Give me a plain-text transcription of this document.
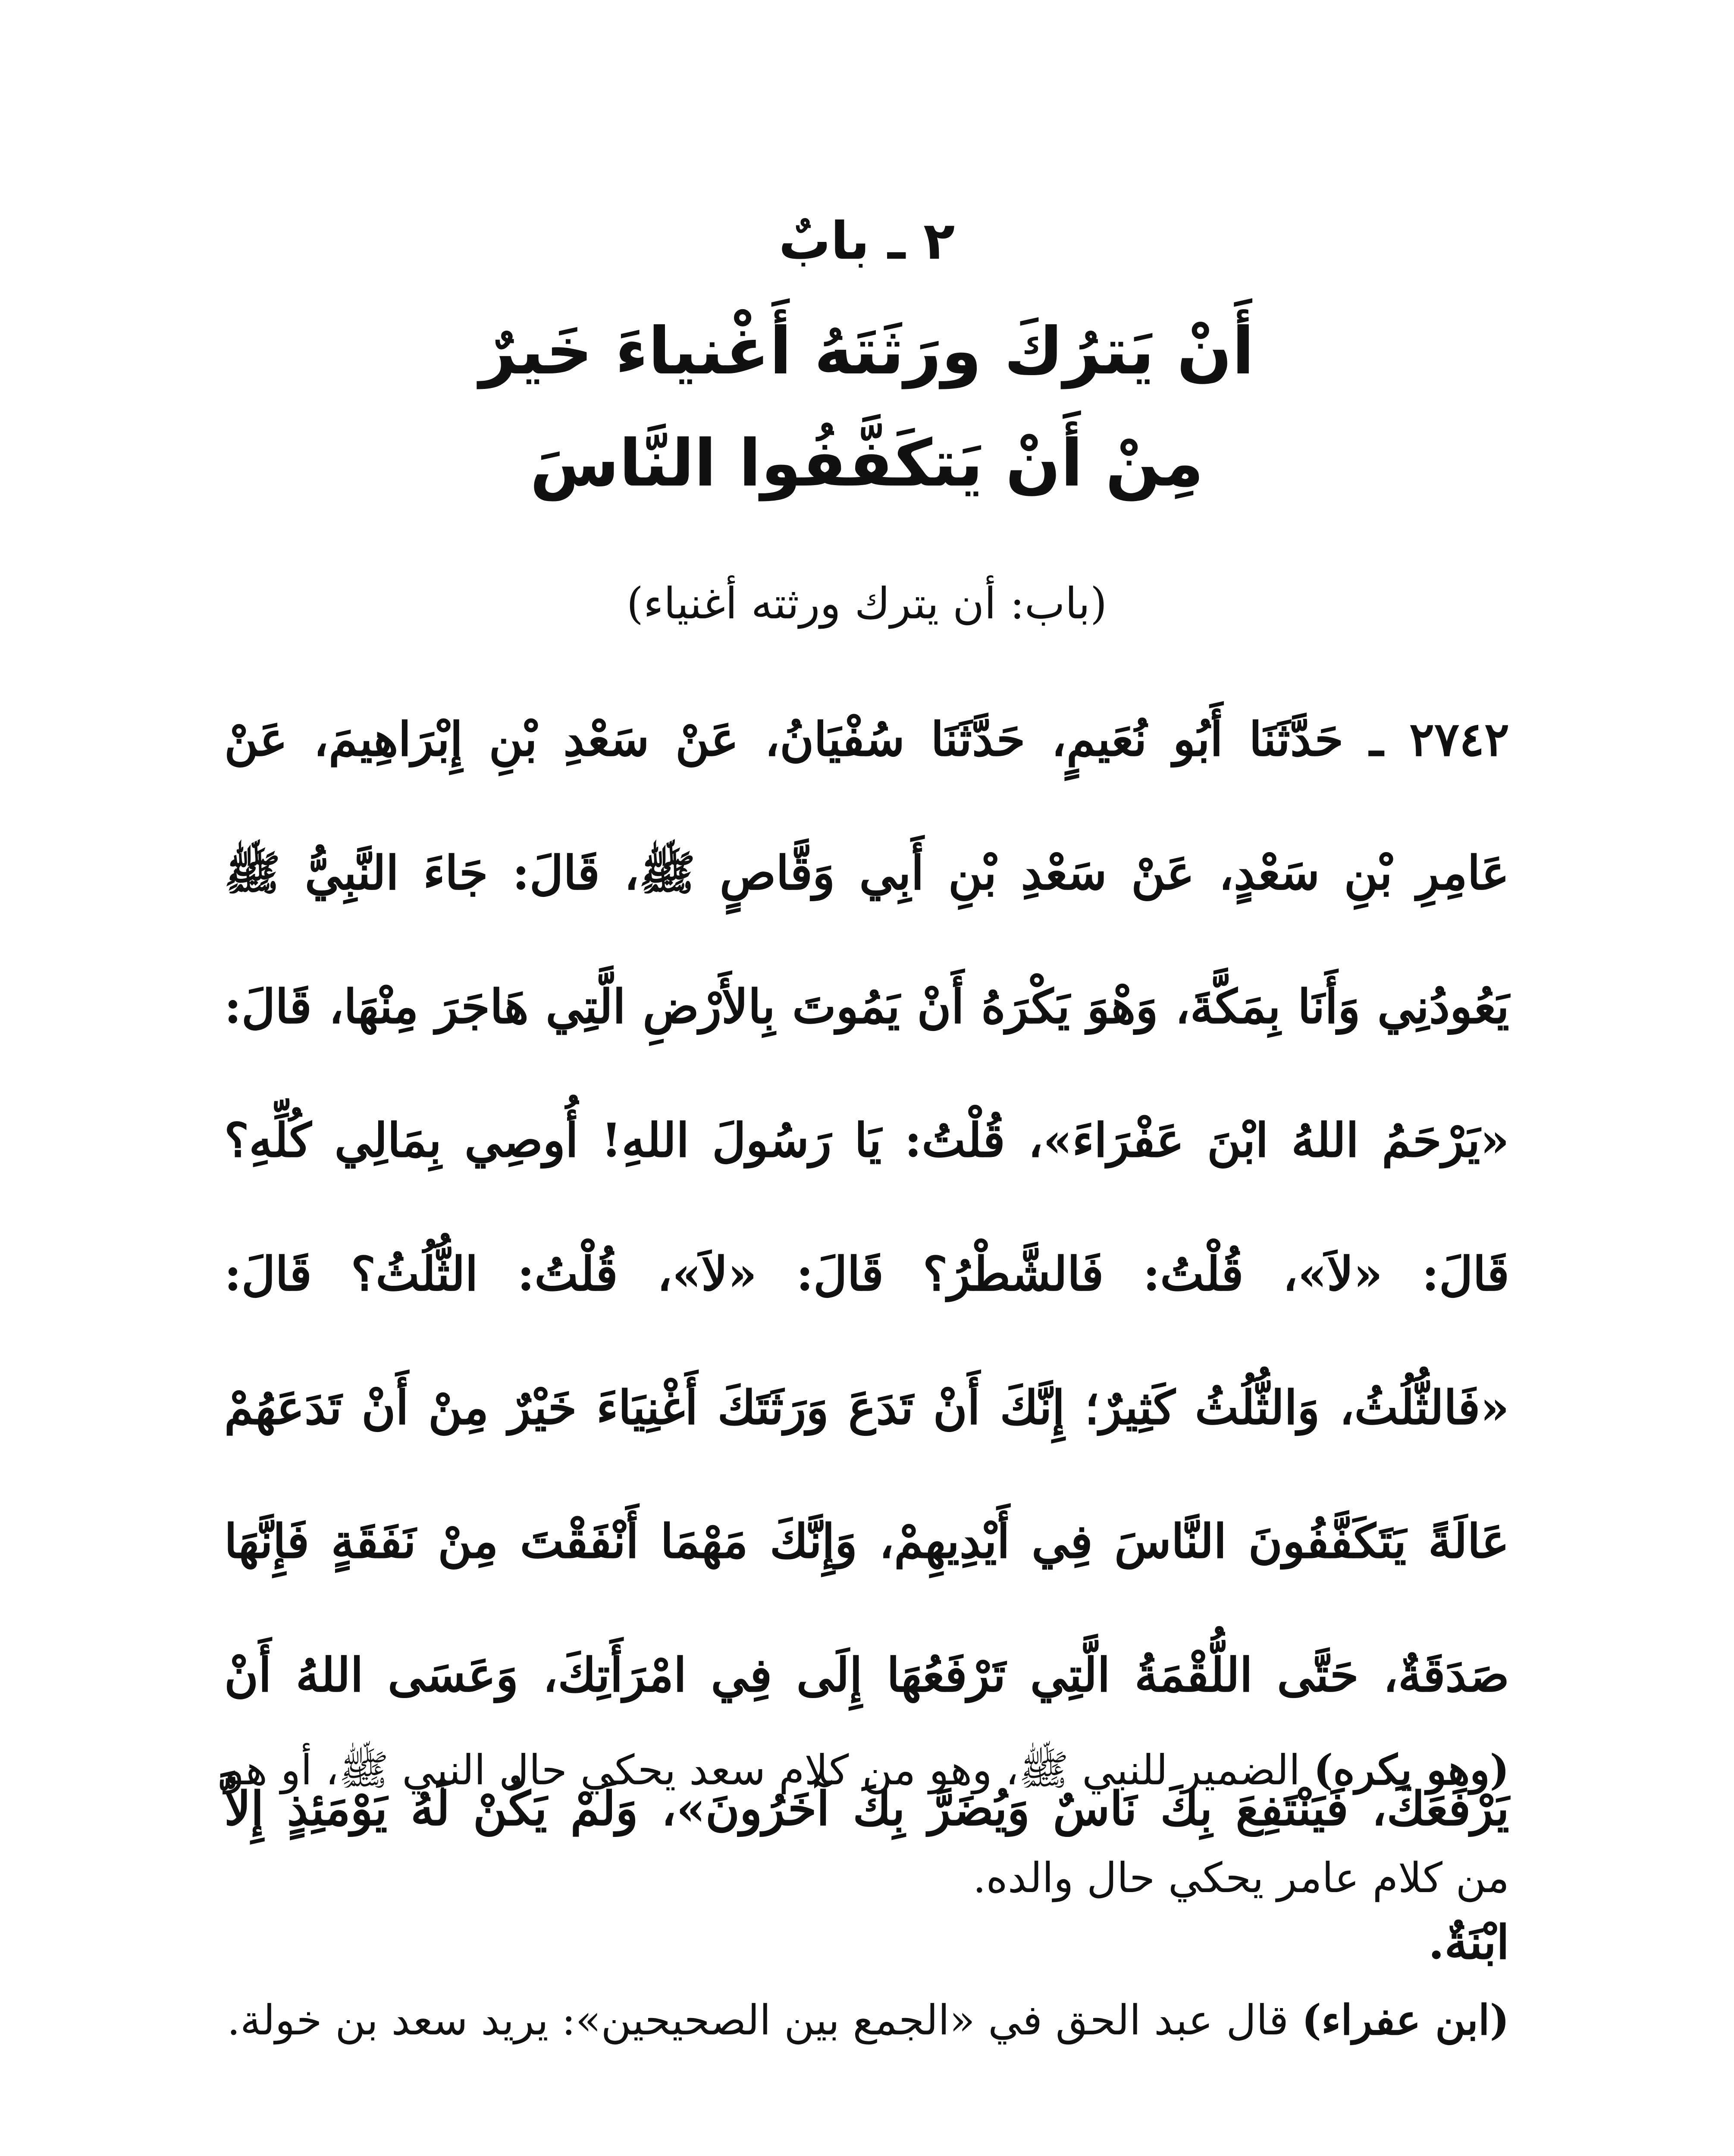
٢ ـ بابٌ
أَنْ يَترُكَ ورَثَتَهُ أَغْنياءَ خَيرٌ
مِنْ أَنْ يَتكَفَّفُوا النَّاسَ
(باب: أن يترك ورثته أغنياء)
٢٧٤٢ ـ حَدَّثَنَا أَبُو نُعَيمٍ، حَدَّثَنَا سُفْيَانُ، عَنْ سَعْدِ بْنِ إِبْرَاهِيمَ، عَنْ عَامِرِ بْنِ سَعْدٍ، عَنْ سَعْدِ بْنِ أَبِي وَقَّاصٍ ﷺ، قَالَ: جَاءَ النَّبِيُّ ﷺ يَعُودُنِي وَأَنَا بِمَكَّةَ، وَهْوَ يَكْرَهُ أَنْ يَمُوتَ بِالأَرْضِ الَّتِي هَاجَرَ مِنْهَا، قَالَ: «يَرْحَمُ اللهُ ابْنَ عَفْرَاءَ»، قُلْتُ: يَا رَسُولَ اللهِ! أُوصِي بِمَالِي كُلِّهِ؟ قَالَ: «لاَ»، قُلْتُ: فَالشَّطْرُ؟ قَالَ: «لاَ»، قُلْتُ: الثُّلُثُ؟ قَالَ: «فَالثُّلُثُ، وَالثُّلُثُ كَثِيرٌ؛ إِنَّكَ أَنْ تَدَعَ وَرَثَتَكَ أَغْنِيَاءَ خَيْرٌ مِنْ أَنْ تَدَعَهُمْ عَالَةً يَتَكَفَّفُونَ النَّاسَ فِي أَيْدِيهِمْ، وَإِنَّكَ مَهْمَا أَنْفَقْتَ مِنْ نَفَقَةٍ فَإِنَّهَا صَدَقَةٌ، حَتَّى اللُّقْمَةُ الَّتِي تَرْفَعُهَا إِلَى فِي امْرَأَتِكَ، وَعَسَى اللهُ أَنْ يَرْفَعَكَ، فَيَنْتَفِعَ بِكَ نَاسٌ وَيُضَرَّ بِكَ آخَرُونَ»، وَلَمْ يَكُنْ لَهُ يَوْمَئِذٍ إِلاَّ ابْنَةٌ.
(وهو يكره) الضمير للنبي ﷺ، وهو من كلام سعد يحكي حال النبي ﷺ، أو هو من كلام عامر يحكي حال والده.
(ابن عفراء) قال عبد الحق في «الجمع بين الصحيحين»: يريد سعد بن خولة.
